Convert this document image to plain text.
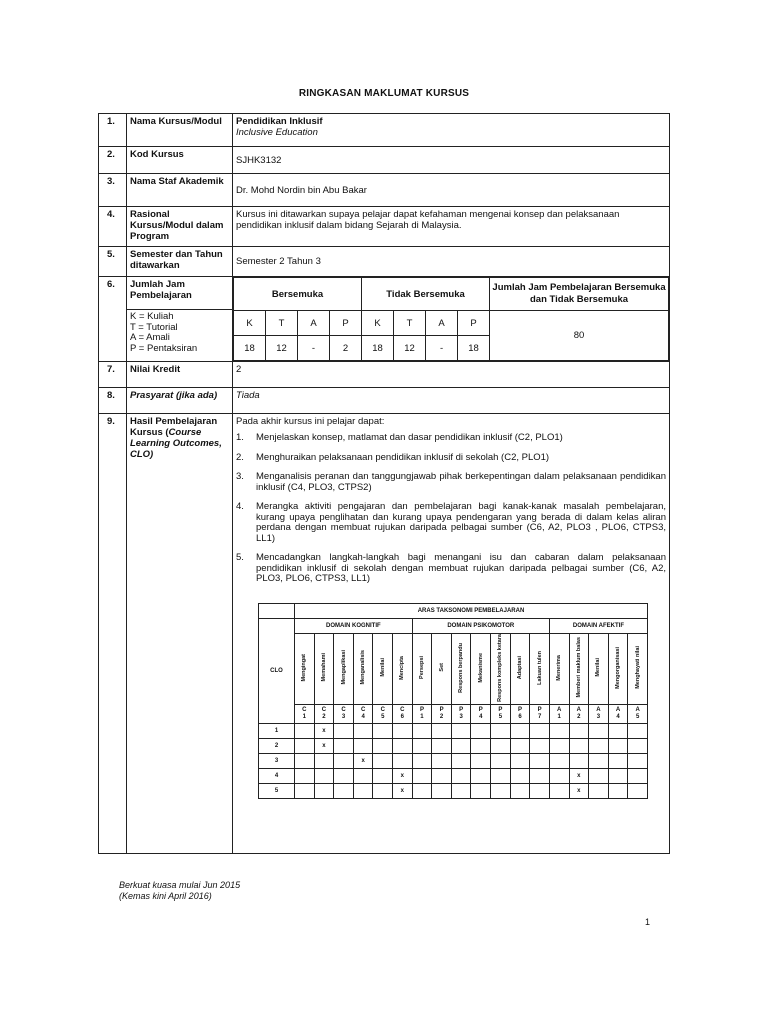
RINGKASAN MAKLUMAT KURSUS
1.	Nama Kursus/Modul	Pendidikan Inklusif
Inclusive Education

2.	Kod Kursus	SJHK3132
3.	Nama Staf Akademik	Dr. Mohd Nordin bin Abu Bakar
4.	Rasional Kursus/Modul dalam Program	Kursus ini ditawarkan supaya pelajar dapat kefahaman mengenai konsep dan pelaksanaan pendidikan inklusif dalam bidang Sejarah di Malaysia.
5.	Semester dan Tahun ditawarkan	Semester 2 Tahun 3
6.	Jumlah Jam Pembelajaran
K = Kuliah
T = Tutorial
A = Amali
P = Pentaksiran

Bersemuka	Tidak Bersemuka	Jumlah Jam Pembelajaran Bersemuka dan Tidak Bersemuka
K	T	A	P	K	T	A	P	80
18	12	-	2	18	12	-	18

7.	Nilai Kredit	2
8.	Prasyarat (jika ada)	Tiada
9.	Hasil Pembelajaran Kursus (Course Learning Outcomes, CLO)	
Pada akhir kursus ini pelajar dapat:
1. Menjelaskan konsep, matlamat dan dasar pendidikan inklusif (C2, PLO1)
2. Menghuraikan pelaksanaan pendidikan inklusif di sekolah (C2, PLO1)
3. Menganalisis peranan dan tanggungjawab pihak berkepentingan dalam pelaksanaan pendidikan inklusif (C4, PLO3, CTPS2)
4. Merangka aktiviti pengajaran dan pembelajaran bagi kanak-kanak masalah pembelajaran, kurang upaya penglihatan dan kurang upaya pendengaran yang berada di dalam kelas aliran perdana dengan membuat rujukan daripada pelbagai sumber (C6, A2, PLO3 , PLO6, CTPS3, LL1)
5. Mencadangkan langkah-langkah bagi menangani isu dan cabaran dalam pelaksanaan pendidikan inklusif di sekolah dengan membuat rujukan daripada pelbagai sumber (C6, A2, PLO3, PLO6, CTPS3, LL1)
	ARAS TAKSONOMI PEMBELAJARAN
CLO	DOMAIN KOGNITIF	DOMAIN PSIKOMOTOR	DOMAIN AFEKTIF
Mengingat	Memahami	Mengaplikasi	Menganalisis	Menilai	Mencipta	Persepsi	Set	Respons berpandu	Mekanisme	Respons kompleks ketara	Adaptasi	Lakuan tulen	Menerima	Memberi maklum balas	Menilai	Mengorganisasi	Menghayati nilai
C 1	C 2	C 3	C 4	C 5	C 6	P 1	P 2	P 3	P 4	P 5	P 6	P 7	A 1	A 2	A 3	A 4	A 5
1		x																
2		x																
3				x														
4						x									x			
5						x									x			
Berkuat kuasa mulai Jun 2015
(Kemas kini April 2016)
1
